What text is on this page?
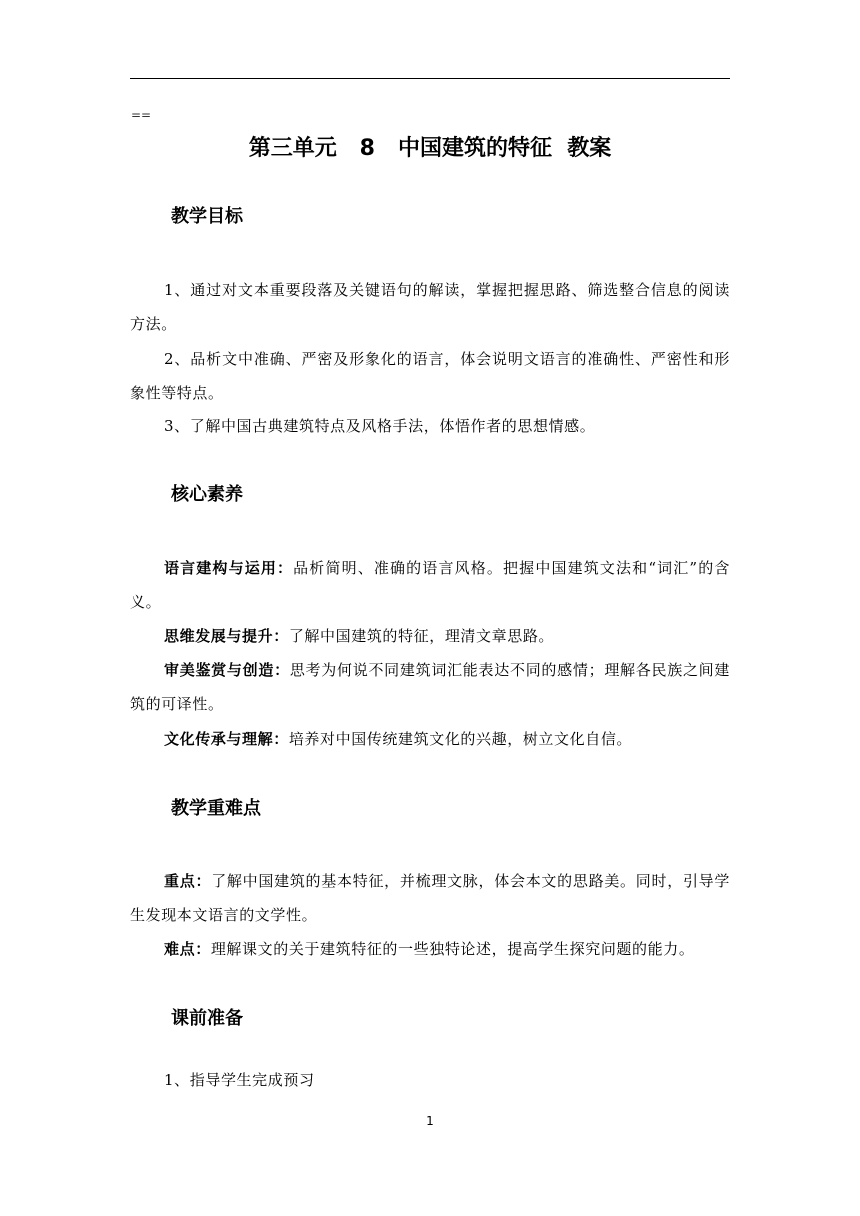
==
第三单元   8   中国建筑的特征  教案
教学目标

1、通过对文本重要段落及关键语句的解读，掌握把握思路、筛选整合信息的阅读方法。

2、品析文中准确、严密及形象化的语言，体会说明文语言的准确性、严密性和形象性等特点。

3、了解中国古典建筑特点及风格手法，体悟作者的思想情感。

核心素养

语言建构与运用：品析简明、准确的语言风格。把握中国建筑文法和“词汇”的含义。

思维发展与提升：了解中国建筑的特征，理清文章思路。

审美鉴赏与创造：思考为何说不同建筑词汇能表达不同的感情；理解各民族之间建筑的可译性。

文化传承与理解：培养对中国传统建筑文化的兴趣，树立文化自信。

教学重难点

重点：了解中国建筑的基本特征，并梳理文脉，体会本文的思路美。同时，引导学生发现本文语言的文学性。

难点：理解课文的关于建筑特征的一些独特论述，提高学生探究问题的能力。

课前准备

1、指导学生完成预习

1
